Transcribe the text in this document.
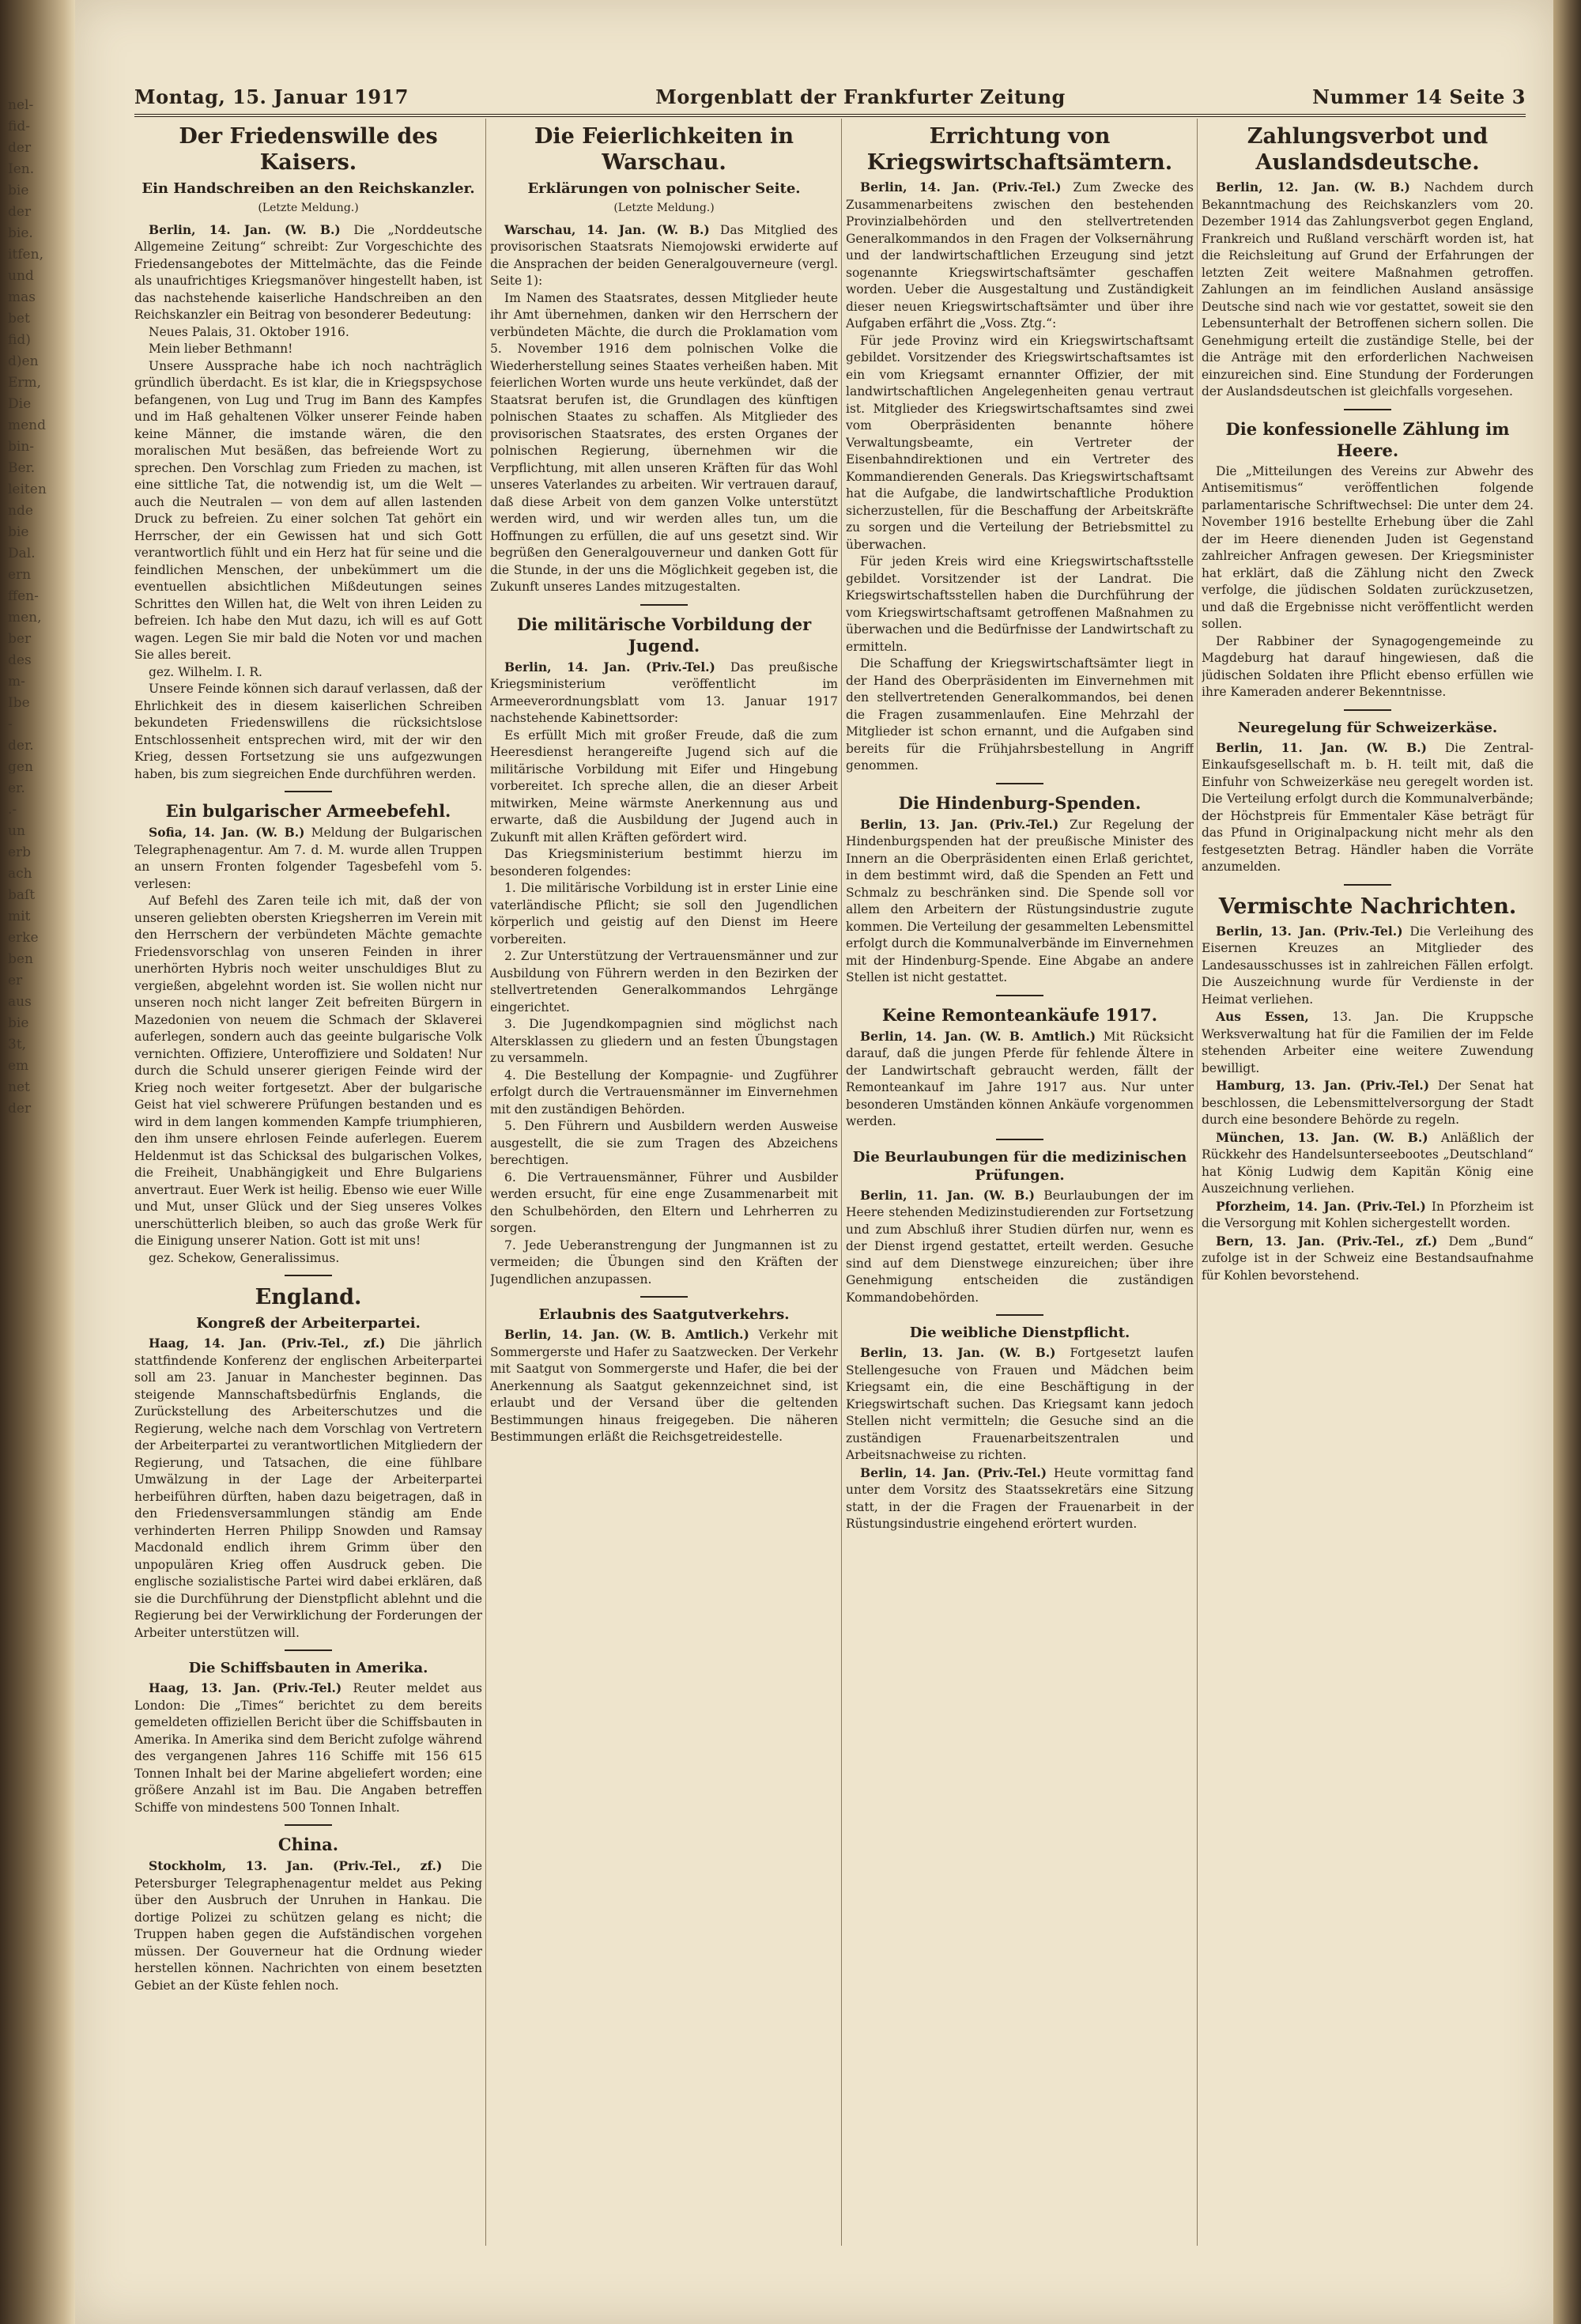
nel-
fid-
der
Ien.
bie
der
bie.
itfen,
und
mas
bet
fid)
d)en
Erm,
Die
mend
bin-
Ber.
leiten
nde
bie
Dal.
ern
ffen-
men,
ber
des
m-
Ibe
-
der.
gen
er.
.-
un
erb
ach
baſt
mit
erke
ben
er
aus
bie
3t,
em
net
der
Montag, 15. Januar 1917	Morgenblatt der Frankfurter Zeitung	Nummer 14 Seite 3
Der Friedenswille des Kaisers.
Ein Handschreiben an den Reichskanzler.
(Letzte Meldung.)

Berlin, 14. Jan. (W. B.) Die „Norddeutsche Allgemeine Zeitung“ schreibt: Zur Vorgeschichte des Friedensangebotes der Mittelmächte, das die Feinde als unaufrichtiges Kriegsmanöver hingestellt haben, ist das nachstehende kaiserliche Handschreiben an den Reichskanzler ein Beitrag von besonderer Bedeutung:

Neues Palais, 31. Oktober 1916.

Mein lieber Bethmann!

Unsere Aussprache habe ich noch nachträglich gründlich überdacht. Es ist klar, die in Kriegspsychose befangenen, von Lug und Trug im Bann des Kampfes und im Haß gehaltenen Völker unserer Feinde haben keine Männer, die imstande wären, die den moralischen Mut besäßen, das befreiende Wort zu sprechen. Den Vorschlag zum Frieden zu machen, ist eine sittliche Tat, die notwendig ist, um die Welt — auch die Neutralen — von dem auf allen lastenden Druck zu befreien. Zu einer solchen Tat gehört ein Herrscher, der ein Gewissen hat und sich Gott verantwortlich fühlt und ein Herz hat für seine und die feindlichen Menschen, der unbekümmert um die eventuellen absichtlichen Mißdeutungen seines Schrittes den Willen hat, die Welt von ihren Leiden zu befreien. Ich habe den Mut dazu, ich will es auf Gott wagen. Legen Sie mir bald die Noten vor und machen Sie alles bereit.

gez. Wilhelm. I. R.

Unsere Feinde können sich darauf verlassen, daß der Ehrlichkeit des in diesem kaiserlichen Schreiben bekundeten Friedenswillens die rücksichtslose Entschlossenheit entsprechen wird, mit der wir den Krieg, dessen Fortsetzung sie uns aufgezwungen haben, bis zum siegreichen Ende durchführen werden.

Ein bulgarischer Armeebefehl.

Sofia, 14. Jan. (W. B.) Meldung der Bulgarischen Telegraphenagentur. Am 7. d. M. wurde allen Truppen an unsern Fronten folgender Tagesbefehl vom 5. verlesen:

Auf Befehl des Zaren teile ich mit, daß der von unseren geliebten obersten Kriegsherren im Verein mit den Herrschern der verbündeten Mächte gemachte Friedensvorschlag von unseren Feinden in ihrer unerhörten Hybris noch weiter unschuldiges Blut zu vergießen, abgelehnt worden ist. Sie wollen nicht nur unseren noch nicht langer Zeit befreiten Bürgern in Mazedonien von neuem die Schmach der Sklaverei auferlegen, sondern auch das geeinte bulgarische Volk vernichten. Offiziere, Unteroffiziere und Soldaten! Nur durch die Schuld unserer gierigen Feinde wird der Krieg noch weiter fortgesetzt. Aber der bulgarische Geist hat viel schwerere Prüfungen bestanden und es wird in dem langen kommenden Kampfe triumphieren, den ihm unsere ehrlosen Feinde auferlegen. Euerem Heldenmut ist das Schicksal des bulgarischen Volkes, die Freiheit, Unabhängigkeit und Ehre Bulgariens anvertraut. Euer Werk ist heilig. Ebenso wie euer Wille und Mut, unser Glück und der Sieg unseres Volkes unerschütterlich bleiben, so auch das große Werk für die Einigung unserer Nation. Gott ist mit uns!

gez. Schekow, Generalissimus.

England.
Kongreß der Arbeiterpartei.

Haag, 14. Jan. (Priv.-Tel., zf.) Die jährlich stattfindende Konferenz der englischen Arbeiterpartei soll am 23. Januar in Manchester beginnen. Das steigende Mannschaftsbedürfnis Englands, die Zurückstellung des Arbeiterschutzes und die Regierung, welche nach dem Vorschlag von Vertretern der Arbeiterpartei zu verantwortlichen Mitgliedern der Regierung, und Tatsachen, die eine fühlbare Umwälzung in der Lage der Arbeiterpartei herbeiführen dürften, haben dazu beigetragen, daß in den Friedensversammlungen ständig am Ende verhinderten Herren Philipp Snowden und Ramsay Macdonald endlich ihrem Grimm über den unpopulären Krieg offen Ausdruck geben. Die englische sozialistische Partei wird dabei erklären, daß sie die Durchführung der Dienstpflicht ablehnt und die Regierung bei der Verwirklichung der Forderungen der Arbeiter unterstützen will.

Die Schiffsbauten in Amerika.

Haag, 13. Jan. (Priv.-Tel.) Reuter meldet aus London: Die „Times“ berichtet zu dem bereits gemeldeten offiziellen Bericht über die Schiffsbauten in Amerika. In Amerika sind dem Bericht zufolge während des vergangenen Jahres 116 Schiffe mit 156 615 Tonnen Inhalt bei der Marine abgeliefert worden; eine größere Anzahl ist im Bau. Die Angaben betreffen Schiffe von mindestens 500 Tonnen Inhalt.

China.

Stockholm, 13. Jan. (Priv.-Tel., zf.) Die Petersburger Telegraphenagentur meldet aus Peking über den Ausbruch der Unruhen in Hankau. Die dortige Polizei zu schützen gelang es nicht; die Truppen haben gegen die Aufständischen vorgehen müssen. Der Gouverneur hat die Ordnung wieder herstellen können. Nachrichten von einem besetzten Gebiet an der Küste fehlen noch.

Die Feierlichkeiten in Warschau.
Erklärungen von polnischer Seite.
(Letzte Meldung.)

Warschau, 14. Jan. (W. B.) Das Mitglied des provisorischen Staatsrats Niemojowski erwiderte auf die Ansprachen der beiden Generalgouverneure (vergl. Seite 1):

Im Namen des Staatsrates, dessen Mitglieder heute ihr Amt übernehmen, danken wir den Herrschern der verbündeten Mächte, die durch die Proklamation vom 5. November 1916 dem polnischen Volke die Wiederherstellung seines Staates verheißen haben. Mit feierlichen Worten wurde uns heute verkündet, daß der Staatsrat berufen ist, die Grundlagen des künftigen polnischen Staates zu schaffen. Als Mitglieder des provisorischen Staatsrates, des ersten Organes der polnischen Regierung, übernehmen wir die Verpflichtung, mit allen unseren Kräften für das Wohl unseres Vaterlandes zu arbeiten. Wir vertrauen darauf, daß diese Arbeit von dem ganzen Volke unterstützt werden wird, und wir werden alles tun, um die Hoffnungen zu erfüllen, die auf uns gesetzt sind. Wir begrüßen den Generalgouverneur und danken Gott für die Stunde, in der uns die Möglichkeit gegeben ist, die Zukunft unseres Landes mitzugestalten.

Die militärische Vorbildung der Jugend.

Berlin, 14. Jan. (Priv.-Tel.) Das preußische Kriegsministerium veröffentlicht im Armeeverordnungsblatt vom 13. Januar 1917 nachstehende Kabinettsorder:

Es erfüllt Mich mit großer Freude, daß die zum Heeresdienst herangereifte Jugend sich auf die militärische Vorbildung mit Eifer und Hingebung vorbereitet. Ich spreche allen, die an dieser Arbeit mitwirken, Meine wärmste Anerkennung aus und erwarte, daß die Ausbildung der Jugend auch in Zukunft mit allen Kräften gefördert wird.

Das Kriegsministerium bestimmt hierzu im besonderen folgendes:

1. Die militärische Vorbildung ist in erster Linie eine vaterländische Pflicht; sie soll den Jugendlichen körperlich und geistig auf den Dienst im Heere vorbereiten.

2. Zur Unterstützung der Vertrauensmänner und zur Ausbildung von Führern werden in den Bezirken der stellvertretenden Generalkommandos Lehrgänge eingerichtet.

3. Die Jugendkompagnien sind möglichst nach Altersklassen zu gliedern und an festen Übungstagen zu versammeln.

4. Die Bestellung der Kompagnie- und Zugführer erfolgt durch die Vertrauensmänner im Einvernehmen mit den zuständigen Behörden.

5. Den Führern und Ausbildern werden Ausweise ausgestellt, die sie zum Tragen des Abzeichens berechtigen.

6. Die Vertrauensmänner, Führer und Ausbilder werden ersucht, für eine enge Zusammenarbeit mit den Schulbehörden, den Eltern und Lehrherren zu sorgen.

7. Jede Ueberanstrengung der Jungmannen ist zu vermeiden; die Übungen sind den Kräften der Jugendlichen anzupassen.

Erlaubnis des Saatgutverkehrs.

Berlin, 14. Jan. (W. B. Amtlich.) Verkehr mit Sommergerste und Hafer zu Saatzwecken. Der Verkehr mit Saatgut von Sommergerste und Hafer, die bei der Anerkennung als Saatgut gekennzeichnet sind, ist erlaubt und der Versand über die geltenden Bestimmungen hinaus freigegeben. Die näheren Bestimmungen erläßt die Reichsgetreidestelle.

Errichtung von Kriegswirtschaftsämtern.

Berlin, 14. Jan. (Priv.-Tel.) Zum Zwecke des Zusammenarbeitens zwischen den bestehenden Provinzialbehörden und den stellvertretenden Generalkommandos in den Fragen der Volksernährung und der landwirtschaftlichen Erzeugung sind jetzt sogenannte Kriegswirtschaftsämter geschaffen worden. Ueber die Ausgestaltung und Zuständigkeit dieser neuen Kriegswirtschaftsämter und über ihre Aufgaben erfährt die „Voss. Ztg.“:

Für jede Provinz wird ein Kriegswirtschaftsamt gebildet. Vorsitzender des Kriegswirtschaftsamtes ist ein vom Kriegsamt ernannter Offizier, der mit landwirtschaftlichen Angelegenheiten genau vertraut ist. Mitglieder des Kriegswirtschaftsamtes sind zwei vom Oberpräsidenten benannte höhere Verwaltungsbeamte, ein Vertreter der Eisenbahndirektionen und ein Vertreter des Kommandierenden Generals. Das Kriegswirtschaftsamt hat die Aufgabe, die landwirtschaftliche Produktion sicherzustellen, für die Beschaffung der Arbeitskräfte zu sorgen und die Verteilung der Betriebsmittel zu überwachen.

Für jeden Kreis wird eine Kriegswirtschaftsstelle gebildet. Vorsitzender ist der Landrat. Die Kriegswirtschaftsstellen haben die Durchführung der vom Kriegswirtschaftsamt getroffenen Maßnahmen zu überwachen und die Bedürfnisse der Landwirtschaft zu ermitteln.

Die Schaffung der Kriegswirtschaftsämter liegt in der Hand des Oberpräsidenten im Einvernehmen mit den stellvertretenden Generalkommandos, bei denen die Fragen zusammenlaufen. Eine Mehrzahl der Mitglieder ist schon ernannt, und die Aufgaben sind bereits für die Frühjahrsbestellung in Angriff genommen.

Die Hindenburg-Spenden.

Berlin, 13. Jan. (Priv.-Tel.) Zur Regelung der Hindenburgspenden hat der preußische Minister des Innern an die Oberpräsidenten einen Erlaß gerichtet, in dem bestimmt wird, daß die Spenden an Fett und Schmalz zu beschränken sind. Die Spende soll vor allem den Arbeitern der Rüstungsindustrie zugute kommen. Die Verteilung der gesammelten Lebensmittel erfolgt durch die Kommunalverbände im Einvernehmen mit der Hindenburg-Spende. Eine Abgabe an andere Stellen ist nicht gestattet.

Keine Remonteankäufe 1917.

Berlin, 14. Jan. (W. B. Amtlich.) Mit Rücksicht darauf, daß die jungen Pferde für fehlende Ältere in der Landwirtschaft gebraucht werden, fällt der Remonteankauf im Jahre 1917 aus. Nur unter besonderen Umständen können Ankäufe vorgenommen werden.

Die Beurlaubungen für die medizinischen Prüfungen.

Berlin, 11. Jan. (W. B.) Beurlaubungen der im Heere stehenden Medizinstudierenden zur Fortsetzung und zum Abschluß ihrer Studien dürfen nur, wenn es der Dienst irgend gestattet, erteilt werden. Gesuche sind auf dem Dienstwege einzureichen; über ihre Genehmigung entscheiden die zuständigen Kommandobehörden.

Die weibliche Dienstpflicht.

Berlin, 13. Jan. (W. B.) Fortgesetzt laufen Stellengesuche von Frauen und Mädchen beim Kriegsamt ein, die eine Beschäftigung in der Kriegswirtschaft suchen. Das Kriegsamt kann jedoch Stellen nicht vermitteln; die Gesuche sind an die zuständigen Frauenarbeitszentralen und Arbeitsnachweise zu richten.

Berlin, 14. Jan. (Priv.-Tel.) Heute vormittag fand unter dem Vorsitz des Staatssekretärs eine Sitzung statt, in der die Fragen der Frauenarbeit in der Rüstungsindustrie eingehend erörtert wurden.

Zahlungsverbot und Auslandsdeutsche.

Berlin, 12. Jan. (W. B.) Nachdem durch Bekanntmachung des Reichskanzlers vom 20. Dezember 1914 das Zahlungsverbot gegen England, Frankreich und Rußland verschärft worden ist, hat die Reichsleitung auf Grund der Erfahrungen der letzten Zeit weitere Maßnahmen getroffen. Zahlungen an im feindlichen Ausland ansässige Deutsche sind nach wie vor gestattet, soweit sie den Lebensunterhalt der Betroffenen sichern sollen. Die Genehmigung erteilt die zuständige Stelle, bei der die Anträge mit den erforderlichen Nachweisen einzureichen sind. Eine Stundung der Forderungen der Auslandsdeutschen ist gleichfalls vorgesehen.

Die konfessionelle Zählung im Heere.

Die „Mitteilungen des Vereins zur Abwehr des Antisemitismus“ veröffentlichen folgende parlamentarische Schriftwechsel: Die unter dem 24. November 1916 bestellte Erhebung über die Zahl der im Heere dienenden Juden ist Gegenstand zahlreicher Anfragen gewesen. Der Kriegsminister hat erklärt, daß die Zählung nicht den Zweck verfolge, die jüdischen Soldaten zurückzusetzen, und daß die Ergebnisse nicht veröffentlicht werden sollen.

Der Rabbiner der Synagogengemeinde zu Magdeburg hat darauf hingewiesen, daß die jüdischen Soldaten ihre Pflicht ebenso erfüllen wie ihre Kameraden anderer Bekenntnisse.

Neuregelung für Schweizerkäse.

Berlin, 11. Jan. (W. B.) Die Zentral-Einkaufsgesellschaft m. b. H. teilt mit, daß die Einfuhr von Schweizerkäse neu geregelt worden ist. Die Verteilung erfolgt durch die Kommunalverbände; der Höchstpreis für Emmentaler Käse beträgt für das Pfund in Originalpackung nicht mehr als den festgesetzten Betrag. Händler haben die Vorräte anzumelden.

Vermischte Nachrichten.

Berlin, 13. Jan. (Priv.-Tel.) Die Verleihung des Eisernen Kreuzes an Mitglieder des Landesausschusses ist in zahlreichen Fällen erfolgt. Die Auszeichnung wurde für Verdienste in der Heimat verliehen.

Aus Essen, 13. Jan. Die Kruppsche Werksverwaltung hat für die Familien der im Felde stehenden Arbeiter eine weitere Zuwendung bewilligt.

Hamburg, 13. Jan. (Priv.-Tel.) Der Senat hat beschlossen, die Lebensmittelversorgung der Stadt durch eine besondere Behörde zu regeln.

München, 13. Jan. (W. B.) Anläßlich der Rückkehr des Handelsunterseebootes „Deutschland“ hat König Ludwig dem Kapitän König eine Auszeichnung verliehen.

Pforzheim, 14. Jan. (Priv.-Tel.) In Pforzheim ist die Versorgung mit Kohlen sichergestellt worden.

Bern, 13. Jan. (Priv.-Tel., zf.) Dem „Bund“ zufolge ist in der Schweiz eine Bestandsaufnahme für Kohlen bevorstehend.
